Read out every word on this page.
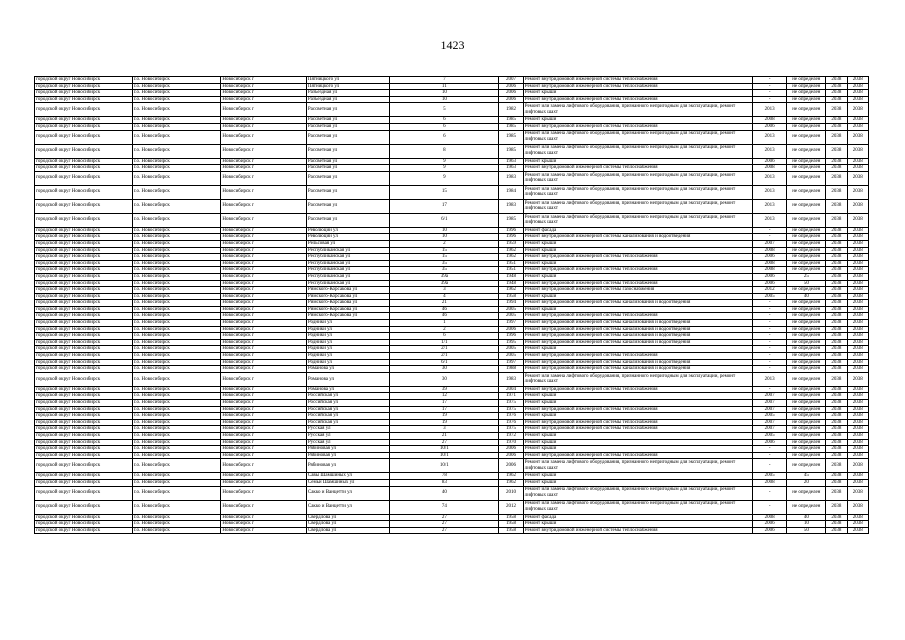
1423
городской округ Новосибирск	г.о. Новосибирск	Новосибирск г	Пятницкого ул	7	2007	Ремонт внутридомовой инженерной системы теплоснабжения	-	не определен	2038	2038
городской округ Новосибирск	г.о. Новосибирск	Новосибирск г	Пятницкого ул	11	2006	Ремонт внутридомовой инженерной системы теплоснабжения	-	не определен	2038	2038
городской округ Новосибирск	г.о. Новосибирск	Новосибирск г	Разъездная ул	10	2006	Ремонт крыши	-	не определен	2038	2038
городской округ Новосибирск	г.о. Новосибирск	Новосибирск г	Разъездная ул	10	2006	Ремонт внутридомовой инженерной системы теплоснабжения	-	не определен	2038	2038
городской округ Новосибирск	г.о. Новосибирск	Новосибирск г	Рассветная ул	5	1982	Ремонт или замена лифтового оборудования, признанного непригодным для эксплуатации, ремонт лифтовых шахт	2013	не определен	2038	2038
городской округ Новосибирск	г.о. Новосибирск	Новосибирск г	Рассветная ул	6	1985	Ремонт крыши	2008	не определен	2038	2038
городской округ Новосибирск	г.о. Новосибирск	Новосибирск г	Рассветная ул	6	1985	Ремонт внутридомовой инженерной системы теплоснабжения	2006	не определен	2038	2038
городской округ Новосибирск	г.о. Новосибирск	Новосибирск г	Рассветная ул	6	1985	Ремонт или замена лифтового оборудования, признанного непригодным для эксплуатации, ремонт лифтовых шахт	2013	не определен	2038	2038
городской округ Новосибирск	г.о. Новосибирск	Новосибирск г	Рассветная ул	8	1985	Ремонт или замена лифтового оборудования, признанного непригодным для эксплуатации, ремонт лифтовых шахт	2013	не определен	2038	2038
городской округ Новосибирск	г.о. Новосибирск	Новосибирск г	Рассветная ул	9	1963	Ремонт крыши	2006	не определен	2038	2038
городской округ Новосибирск	г.о. Новосибирск	Новосибирск г	Рассветная ул	9	1963	Ремонт внутридомовой инженерной системы теплоснабжения	2008	не определен	2038	2038
городской округ Новосибирск	г.о. Новосибирск	Новосибирск г	Рассветная ул	9	1983	Ремонт или замена лифтового оборудования, признанного непригодным для эксплуатации, ремонт лифтовых шахт	2013	не определен	2038	2038
городской округ Новосибирск	г.о. Новосибирск	Новосибирск г	Рассветная ул	15	1984	Ремонт или замена лифтового оборудования, признанного непригодным для эксплуатации, ремонт лифтовых шахт	2013	не определен	2038	2038
городской округ Новосибирск	г.о. Новосибирск	Новосибирск г	Рассветная ул	17	1983	Ремонт или замена лифтового оборудования, признанного непригодным для эксплуатации, ремонт лифтовых шахт	2013	не определен	2038	2038
городской округ Новосибирск	г.о. Новосибирск	Новосибирск г	Рассветная ул	6/1	1985	Ремонт или замена лифтового оборудования, признанного непригодным для эксплуатации, ремонт лифтовых шахт	2013	не определен	2038	2038
городской округ Новосибирск	г.о. Новосибирск	Новосибирск г	Революции ул	10	1996	Ремонт фасада	-	не определен	2038	2038
городской округ Новосибирск	г.о. Новосибирск	Новосибирск г	Революции ул	10	1996	Ремонт внутридомовой инженерной системы канализования и водоотведения	-	не определен	2038	2038
городской округ Новосибирск	г.о. Новосибирск	Новосибирск г	Рельсовая ул	2	1959	Ремонт крыши	2007	не определен	2038	2038
городской округ Новосибирск	г.о. Новосибирск	Новосибирск г	Республиканская ул	15	1962	Ремонт крыши	2008	не определен	2038	2038
городской округ Новосибирск	г.о. Новосибирск	Новосибирск г	Республиканская ул	15	1962	Ремонт внутридомовой инженерной системы теплоснабжения	2006	не определен	2038	2038
городской округ Новосибирск	г.о. Новосибирск	Новосибирск г	Республиканская ул	35	1951	Ремонт крыши	2008	не определен	2038	2038
городской округ Новосибирск	г.о. Новосибирск	Новосибирск г	Республиканская ул	35	1951	Ремонт внутридомовой инженерной системы теплоснабжения	2008	не определен	2038	2038
городской округ Новосибирск	г.о. Новосибирск	Новосибирск г	Республиканская ул	39а	1948	Ремонт крыши	2006	25	2038	2038
городской округ Новосибирск	г.о. Новосибирск	Новосибирск г	Республиканская ул	39а	1948	Ремонт внутридомовой инженерной системы теплоснабжения	2006	50	2038	2038
городской округ Новосибирск	г.о. Новосибирск	Новосибирск г	Римского-Корсакова ул	3	1962	Ремонт внутридомовой инженерной системы газоснабжения	2012	не определен	2038	2038
городской округ Новосибирск	г.о. Новосибирск	Новосибирск г	Римского-Корсакова ул	4	1958	Ремонт крыши	2005	40	2038	2038
городской округ Новосибирск	г.о. Новосибирск	Новосибирск г	Римского-Корсакова ул	21	1994	Ремонт внутридомовой инженерной системы канализования и водоотведения	-	не определен	2038	2038
городской округ Новосибирск	г.о. Новосибирск	Новосибирск г	Римского-Корсакова ул	46	2005	Ремонт крыши	-	не определен	2038	2038
городской округ Новосибирск	г.о. Новосибирск	Новосибирск г	Римского-Корсакова ул	46	2005	Ремонт внутридомовой инженерной системы теплоснабжения	-	не определен	2038	2038
городской округ Новосибирск	г.о. Новосибирск	Новосибирск г	Родники ул	1	1997	Ремонт внутридомовой инженерной системы канализования и водоотведения	-	не определен	2038	2038
городской округ Новосибирск	г.о. Новосибирск	Новосибирск г	Родники ул	2	2006	Ремонт внутридомовой инженерной системы канализования и водоотведения	-	не определен	2038	2038
городской округ Новосибирск	г.о. Новосибирск	Новосибирск г	Родники ул	6	1996	Ремонт внутридомовой инженерной системы канализования и водоотведения	-	не определен	2038	2038
городской округ Новосибирск	г.о. Новосибирск	Новосибирск г	Родники ул	1/1	1995	Ремонт внутридомовой инженерной системы канализования и водоотведения	-	не определен	2038	2038
городской округ Новосибирск	г.о. Новосибирск	Новосибирск г	Родники ул	2/1	2005	Ремонт крыши	-	не определен	2038	2038
городской округ Новосибирск	г.о. Новосибирск	Новосибирск г	Родники ул	2/1	2005	Ремонт внутридомовой инженерной системы теплоснабжения	-	не определен	2038	2038
городской округ Новосибирск	г.о. Новосибирск	Новосибирск г	Родники ул	6/1	1997	Ремонт внутридомовой инженерной системы канализования и водоотведения	-	не определен	2038	2038
городской округ Новосибирск	г.о. Новосибирск	Новосибирск г	Романова ул	30	1988	Ремонт внутридомовой инженерной системы канализования и водоотведения	-	не определен	2038	2038
городской округ Новосибирск	г.о. Новосибирск	Новосибирск г	Романова ул	30	1983	Ремонт или замена лифтового оборудования, признанного непригодным для эксплуатации, ремонт лифтовых шахт	2013	не определен	2038	2038
городской округ Новосибирск	г.о. Новосибирск	Новосибирск г	Романова ул	39	2004	Ремонт внутридомовой инженерной системы теплоснабжения	-	не определен	2038	2038
городской округ Новосибирск	г.о. Новосибирск	Новосибирск г	Российская ул	12	1971	Ремонт крыши	2007	не определен	2038	2038
городской округ Новосибирск	г.о. Новосибирск	Новосибирск г	Российская ул	17	1975	Ремонт крыши	2007	не определен	2038	2038
городской округ Новосибирск	г.о. Новосибирск	Новосибирск г	Российская ул	17	1975	Ремонт внутридомовой инженерной системы теплоснабжения	2007	не определен	2038	2038
городской округ Новосибирск	г.о. Новосибирск	Новосибирск г	Российская ул	19	1976	Ремонт крыши	2005	не определен	2038	2038
городской округ Новосибирск	г.о. Новосибирск	Новосибирск г	Российская ул	19	1976	Ремонт внутридомовой инженерной системы теплоснабжения	2007	не определен	2038	2038
городской округ Новосибирск	г.о. Новосибирск	Новосибирск г	Русская ул	3	1975	Ремонт внутридомовой инженерной системы теплоснабжения	2007	не определен	2038	2038
городской округ Новосибирск	г.о. Новосибирск	Новосибирск г	Русская ул	21	1972	Ремонт крыши	2005	не определен	2038	2038
городской округ Новосибирск	г.о. Новосибирск	Новосибирск г	Русская ул	27	1970	Ремонт крыши	2006	не определен	2038	2038
городской округ Новосибирск	г.о. Новосибирск	Новосибирск г	Рябиновая ул	10/1	2006	Ремонт крыши	-	не определен	2038	2038
городской округ Новосибирск	г.о. Новосибирск	Новосибирск г	Рябиновая ул	10/1	2006	Ремонт внутридомовой инженерной системы теплоснабжения	-	не определен	2038	2038
городской округ Новосибирск	г.о. Новосибирск	Новосибирск г	Рябиновая ул	10/1	2006	Ремонт или замена лифтового оборудования, признанного непригодным для эксплуатации, ремонт лифтовых шахт	-	не определен	2038	2038
городской округ Новосибирск	г.о. Новосибирск	Новосибирск г	Савы Шамшиных ул	78	1962	Ремонт крыши	2005	45	2038	2038
городской округ Новосибирск	г.о. Новосибирск	Новосибирск г	Семьи Шамшиных ул	83	1962	Ремонт крыши	2008	20	2038	2038
городской округ Новосибирск	г.о. Новосибирск	Новосибирск г	Сакко и Ванцетти ул	40	2010	Ремонт или замена лифтового оборудования, признанного непригодным для эксплуатации, ремонт лифтовых шахт	-	не определен	2038	2038
городской округ Новосибирск	г.о. Новосибирск	Новосибирск г	Сакко и Ванцетти ул	74	2012	Ремонт или замена лифтового оборудования, признанного непригодным для эксплуатации, ремонт лифтовых шахт	-	не определен	2038	2038
городской округ Новосибирск	г.о. Новосибирск	Новосибирск г	Свердлова ул	27	1958	Ремонт фасада	2008	40	2038	2038
городской округ Новосибирск	г.о. Новосибирск	Новосибирск г	Свердлова ул	27	1958	Ремонт крыши	2006	10	2038	2038
городской округ Новосибирск	г.о. Новосибирск	Новосибирск г	Свердлова ул	27	1958	Ремонт внутридомовой инженерной системы теплоснабжения	2006	50	2038	2038
